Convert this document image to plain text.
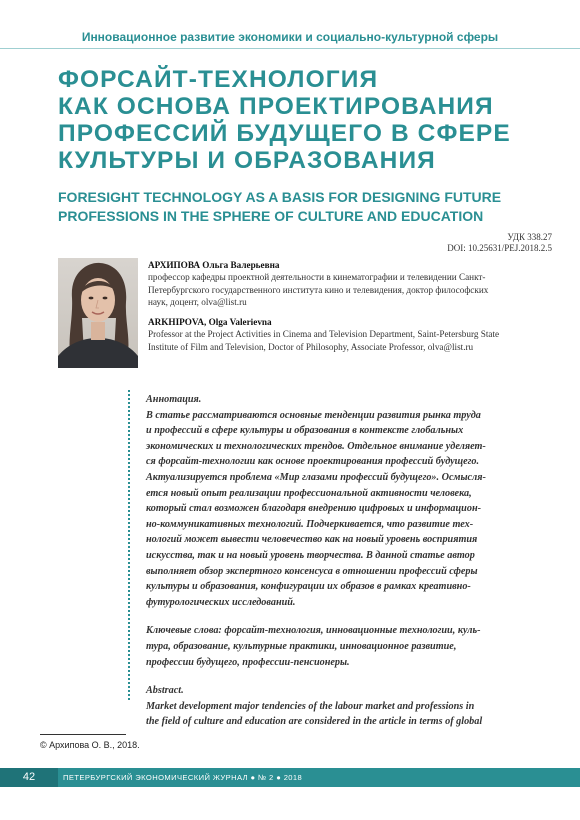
Инновационное развитие экономики и социально-культурной сферы
ФОРСАЙТ-ТЕХНОЛОГИЯ
КАК ОСНОВА ПРОЕКТИРОВАНИЯ
ПРОФЕССИЙ БУДУЩЕГО В СФЕРЕ
КУЛЬТУРЫ И ОБРАЗОВАНИЯ
FORESIGHT TECHNOLOGY AS A BASIS FOR DESIGNING FUTURE
PROFESSIONS IN THE SPHERE OF CULTURE AND EDUCATION
УДК 338.27
DOI: 10.25631/PEJ.2018.2.5
АРХИПОВА Ольга Валерьевна
профессор кафедры проектной деятельности в кинематографии и телевидении Санкт-
Петербургского государственного института кино и телевидения, доктор философских
наук, доцент, olva@list.ru
ARKHIPOVA, Olga Valerievna
Professor at the Project Activities in Cinema and Television Department, Saint-Petersburg State
Institute of Film and Television, Doctor of Philosophy, Associate Professor, olva@list.ru
Аннотация.
В статье рассматриваются основные тенденции развития рынка труда
и профессий в сфере культуры и образования в контексте глобальных
экономических и технологических трендов. Отдельное внимание уделяет-
ся форсайт-технологии как основе проектирования профессий будущего.
Актуализируется проблема «Мир глазами профессий будущего». Осмысля-
ется новый опыт реализации профессиональной активности человека,
который стал возможен благодаря внедрению цифровых и информацион-
но-коммуникативных технологий. Подчеркивается, что развитие тех-
нологий может вывести человечество как на новый уровень восприятия
искусства, так и на новый уровень творчества. В данной статье автор
выполняет обзор экспертного консенсуса в отношении профессий сферы
культуры и образования, конфигурации их образов в рамках креативно-
футурологических исследований.
Ключевые слова: форсайт-технология, инновационные технологии, куль-
тура, образование, культурные практики, инновационное развитие,
профессии будущего, профессии-пенсионеры.
Abstract.
Market development major tendencies of the labour market and professions in
the field of culture and education are considered in the article in terms of global
© Архипова О. В., 2018.
42	ПЕТЕРБУРГСКИЙ ЭКОНОМИЧЕСКИЙ ЖУРНАЛ ● № 2 ● 2018
